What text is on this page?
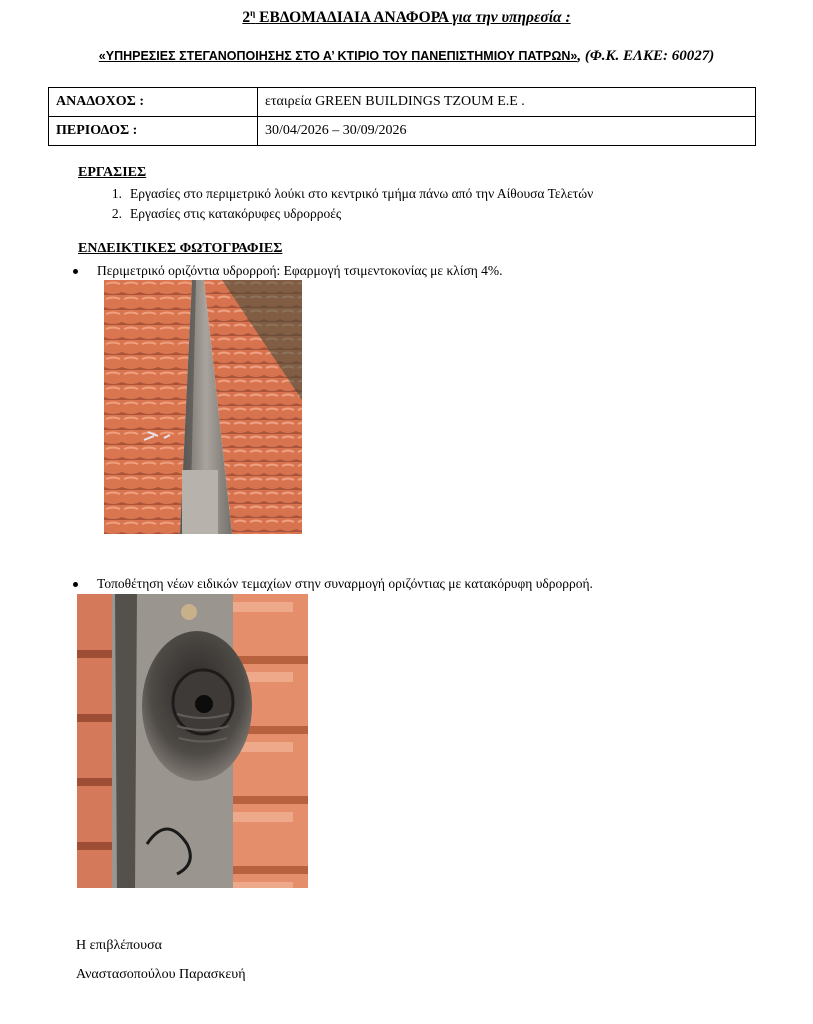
$2^\eta$ ΕΒΔΟΜΑΔΙΑΙΑ ΑΝΑΦΟΡΑ για την υπηρεσία :
«ΥΠΗΡΕΣΙΕΣ ΣΤΕΓΑΝΟΠΟΙΗΣΗΣ ΣΤΟ Α’ ΚΤΙΡΙΟ ΤΟΥ ΠΑΝΕΠΙΣΤΗΜΙΟΥ ΠΑΤΡΩΝ», (Φ.Κ. ΕΛΚΕ: 60027)
ΑΝΑΔΟΧΟΣ :	εταιρεία GREEN BUILDINGS TZOUM E.E .
ΠΕΡΙΟΔΟΣ :	30/04/2026 – 30/09/2026
ΕΡΓΑΣΙΕΣ
1. Εργασίες στο περιμετρικό λούκι στο κεντρικό τμήμα πάνω από την Αίθουσα Τελετών
2. Εργασίες στις κατακόρυφες υδρορροές
ΕΝΔΕΙΚΤΙΚΕΣ ΦΩΤΟΓΡΑΦΙΕΣ
Περιμετρικό οριζόντια υδρορροή: Εφαρμογή τσιμεντοκονίας με κλίση 4%.
Τοποθέτηση νέων ειδικών τεμαχίων στην συναρμογή οριζόντιας με κατακόρυφη υδρορροή.
Η επιβλέπουσα
Αναστασοπούλου Παρασκευή
